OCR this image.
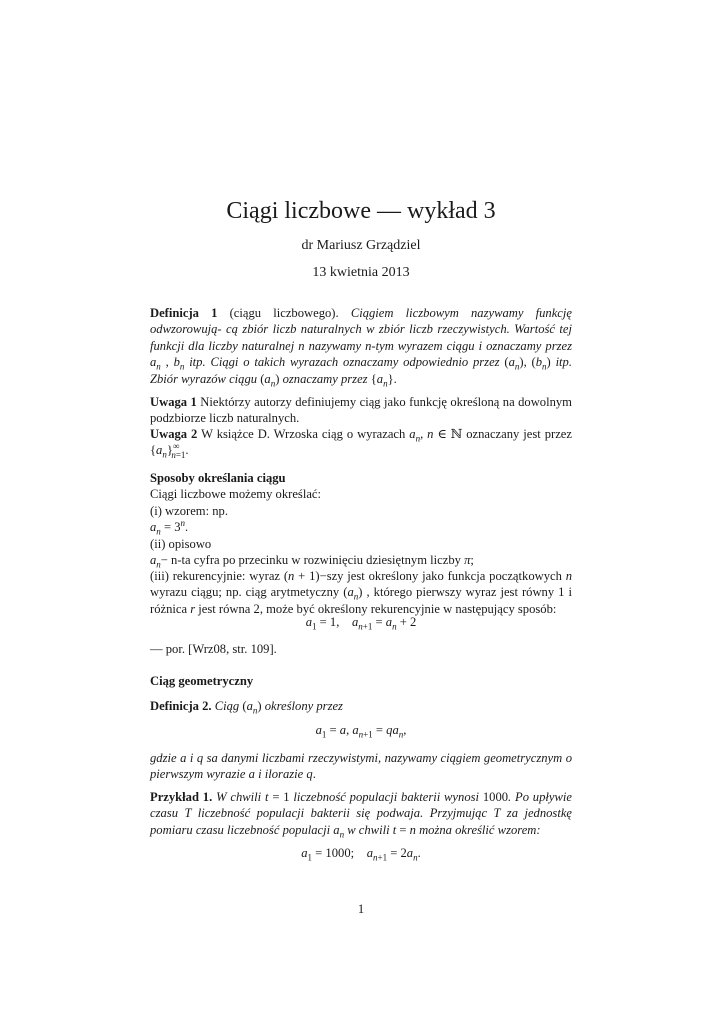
Ciągi liczbowe — wykład 3
dr Mariusz Grządziel
13 kwietnia 2013
Definicja 1 (ciągu liczbowego). Ciągiem liczbowym nazywamy funkcję odwzorowują- cą zbiór liczb naturalnych w zbiór liczb rzeczywistych. Wartość tej funkcji dla liczby naturalnej n nazywamy n-tym wyrazem ciągu i oznaczamy przez $a_n$ , $b_n$ itp. Ciągi o takich wyrazach oznaczamy odpowiednio przez $(a_n)$, $(b_n)$ itp. Zbiór wyrazów ciągu $(a_n)$ oznaczamy przez $\{a_n\}$.
Uwaga 1 Niektórzy autorzy definiujemy ciąg jako funkcję określoną na dowolnym podzbiorze liczb naturalnych.
Uwaga 2 W książce D. Wrzoska ciąg o wyrazach $a_n$, n ∈ ℕ oznaczany jest przez $\{a_n\}^\infty_{n=1}$.
Sposoby określania ciągu
Ciągi liczbowe możemy określać:
(i) wzorem: np.
$a_n = 3^n$.
(ii) opisowo
$a_n- n-ta$ cyfra po przecinku w rozwinięciu dziesiętnym liczby π;
(iii) rekurencyjnie: wyraz (n + 1)−szy jest określony jako funkcja początkowych n wyrazu ciągu; np. ciąg arytmetyczny $(a_n)$ , którego pierwszy wyraz jest równy 1 i różnica r jest równa 2, może być określony rekurencyjnie w następujący sposób:
$a_1 = 1$,    $a_{n+1} = a_n + 2$
— por. [Wrz08, str. 109].
Ciąg geometryczny
Definicja 2. Ciąg $(a_n)$ określony przez
$a_1 = a$, $a_{n+1} = qa_n$,
gdzie a i q sa danymi liczbami rzeczywistymi, nazywamy ciągiem geometrycznym o pierwszym wyrazie a i ilorazie q.
Przykład 1. W chwili t = 1 liczebność populacji bakterii wynosi 1000. Po upływie czasu T liczebność populacji bakterii się podwaja. Przyjmując T za jednostkę pomiaru czasu liczebność populacji $a_n$ w chwili t = n można określić wzorem:
$a_1 = 1000$;    $a_{n+1} = 2a_n$.
1
